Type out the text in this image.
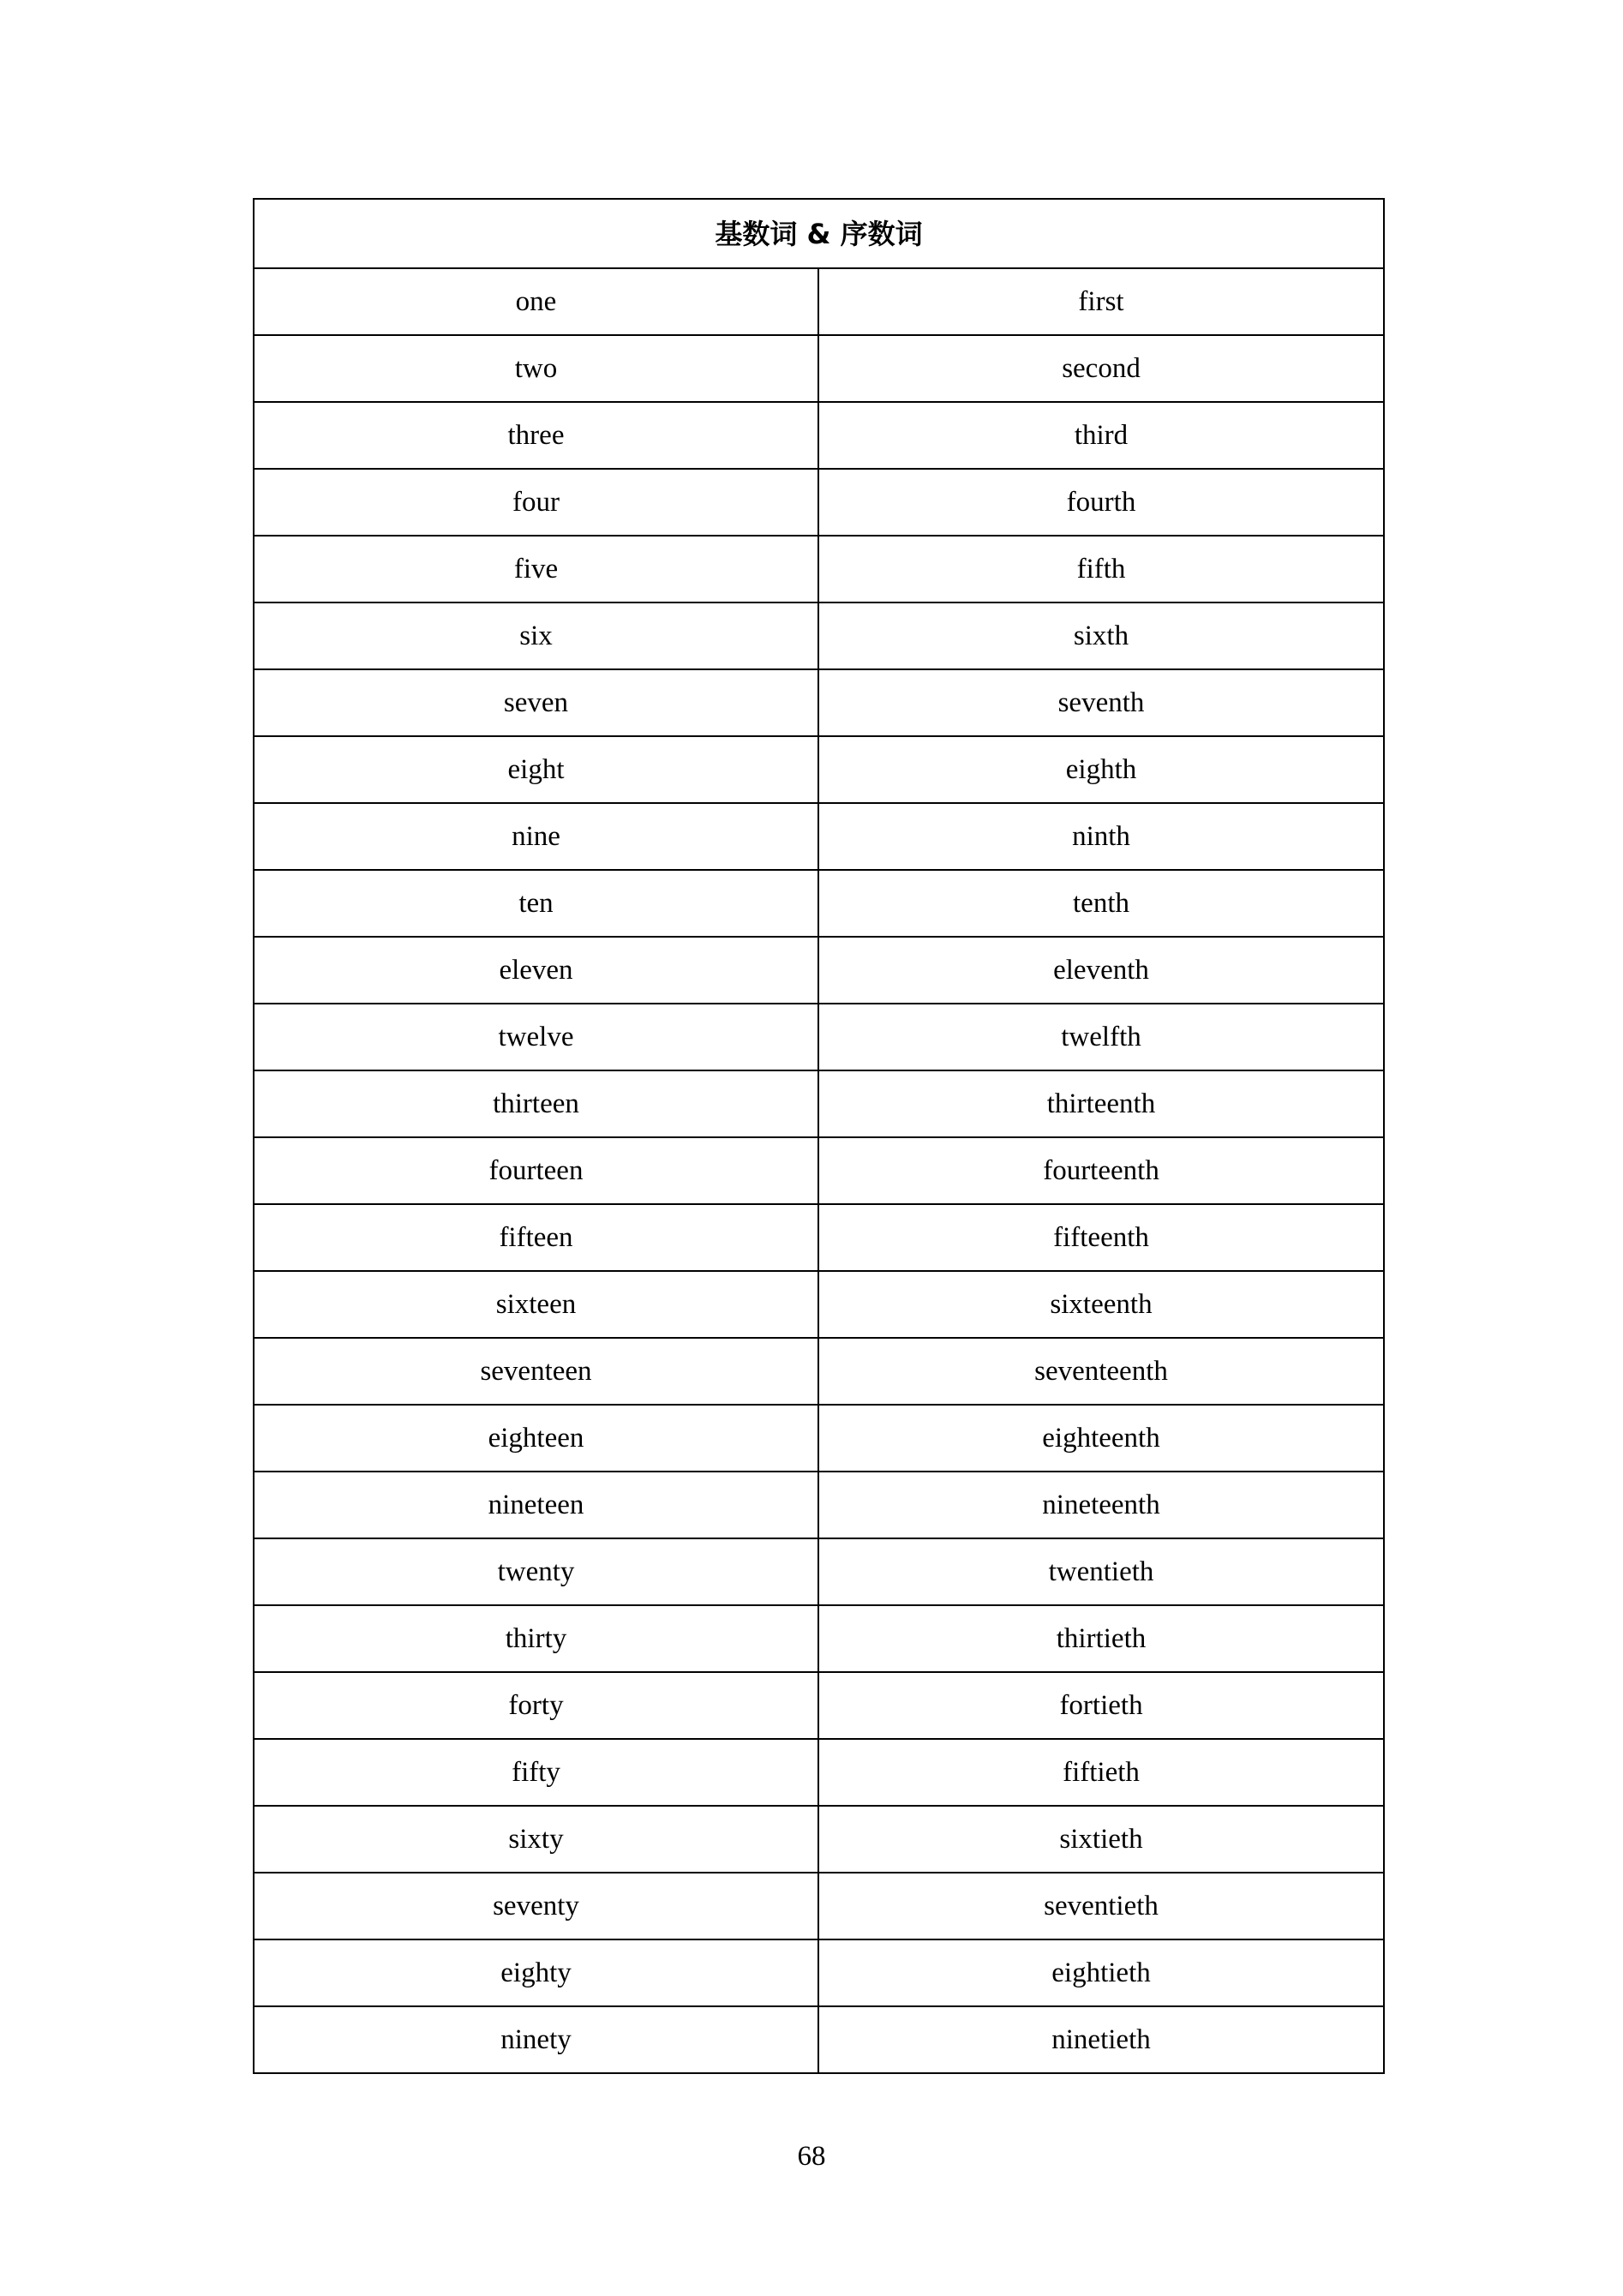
基数词 & 序数词	
one	first
two	second
three	third
four	fourth
five	fifth
six	sixth
seven	seventh
eight	eighth
nine	ninth
ten	tenth
eleven	eleventh
twelve	twelfth
thirteen	thirteenth
fourteen	fourteenth
fifteen	fifteenth
sixteen	sixteenth
seventeen	seventeenth
eighteen	eighteenth
nineteen	nineteenth
twenty	twentieth
thirty	thirtieth
forty	fortieth
fifty	fiftieth
sixty	sixtieth
seventy	seventieth
eighty	eightieth
ninety	ninetieth
68
